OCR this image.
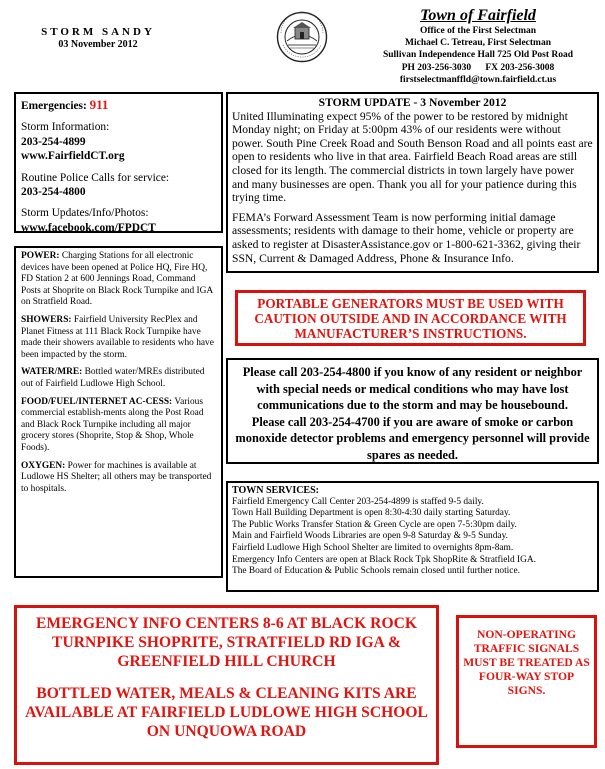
STORM SANDY
03 November 2012
Town of Fairfield
Office of the First Selectman
Michael C. Tetreau, First Selectman
Sullivan Independence Hall 725 Old Post Road
PH 203-256-3030      FX 203-256-3008
firstselectmanffld@town.fairfield.ct.us
Emergencies: 911
Storm Information:
203-254-4899
www.FairfieldCT.org
Routine Police Calls for service:
203-254-4800
Storm Updates/Info/Photos:
www.facebook.com/FPDCT
POWER: Charging Stations for all electronic devices have been opened at Police HQ, Fire HQ, FD Station 2 at 600 Jennings Road, Command Posts at Shoprite on Black Rock Turnpike and IGA on Stratfield Road.
SHOWERS: Fairfield University RecPlex and Planet Fitness at 111 Black Rock Turnpike have made their showers available to residents who have been impacted by the storm.
WATER/MRE: Bottled water/MREs distributed out of Fairfield Ludlowe High School.
FOOD/FUEL/INTERNET AC-CESS: Various commercial establish-ments along the Post Road and Black Rock Turnpike including all major grocery stores (Shoprite, Stop & Shop, Whole Foods).
OXYGEN: Power for machines is available at Ludlowe HS Shelter; all others may be transported to hospitals.
STORM UPDATE - 3 November 2012

United Illuminating expect 95% of the power to be restored by midnight Monday night; on Friday at 5:00pm 43% of our residents were without power. South Pine Creek Road and South Benson Road and all points east are open to residents who live in that area. Fairfield Beach Road areas are still closed for its length. The commercial districts in town largely have power and many businesses are open. Thank you all for your patience during this trying time.

FEMA’s Forward Assessment Team is now performing initial damage assessments; residents with damage to their home, vehicle or property are asked to register at DisasterAssistance.gov or 1-800-621-3362, giving their SSN, Current & Damaged Address, Phone & Insurance Info.

PORTABLE GENERATORS MUST BE USED WITH CAUTION OUTSIDE AND IN ACCORDANCE WITH MANUFACTURER’S INSTRUCTIONS.
Please call 203-254-4800 if you know of any resident or neighbor with special needs or medical conditions who may have lost communications due to the storm and may be housebound.          Please call 203-254-4700 if you are aware of smoke or carbon monoxide detector problems and emergency personnel will provide spares as needed.
TOWN SERVICES:
Fairfield Emergency Call Center 203-254-4899 is staffed 9-5 daily.
Town Hall Building Department is open 8:30-4:30 daily starting Saturday.
The Public Works Transfer Station & Green Cycle are open 7-5:30pm daily.
Main and Fairfield Woods Libraries are open 9-8 Saturday & 9-5 Sunday.
Fairfield Ludlowe High School Shelter are limited to overnights 8pm-8am.
Emergency Info Centers are open at Black Rock Tpk ShopRite & Stratfield IGA.
The Board of Education & Public Schools remain closed until further notice.

EMERGENCY INFO CENTERS 8-6 AT BLACK ROCK TURNPIKE SHOPRITE, STRATFIELD RD IGA & GREENFIELD HILL CHURCH

BOTTLED WATER, MEALS & CLEANING KITS ARE AVAILABLE AT FAIRFIELD LUDLOWE HIGH SCHOOL ON UNQUOWA ROAD

NON-OPERATING TRAFFIC SIGNALS MUST BE TREATED AS FOUR-WAY STOP SIGNS.
